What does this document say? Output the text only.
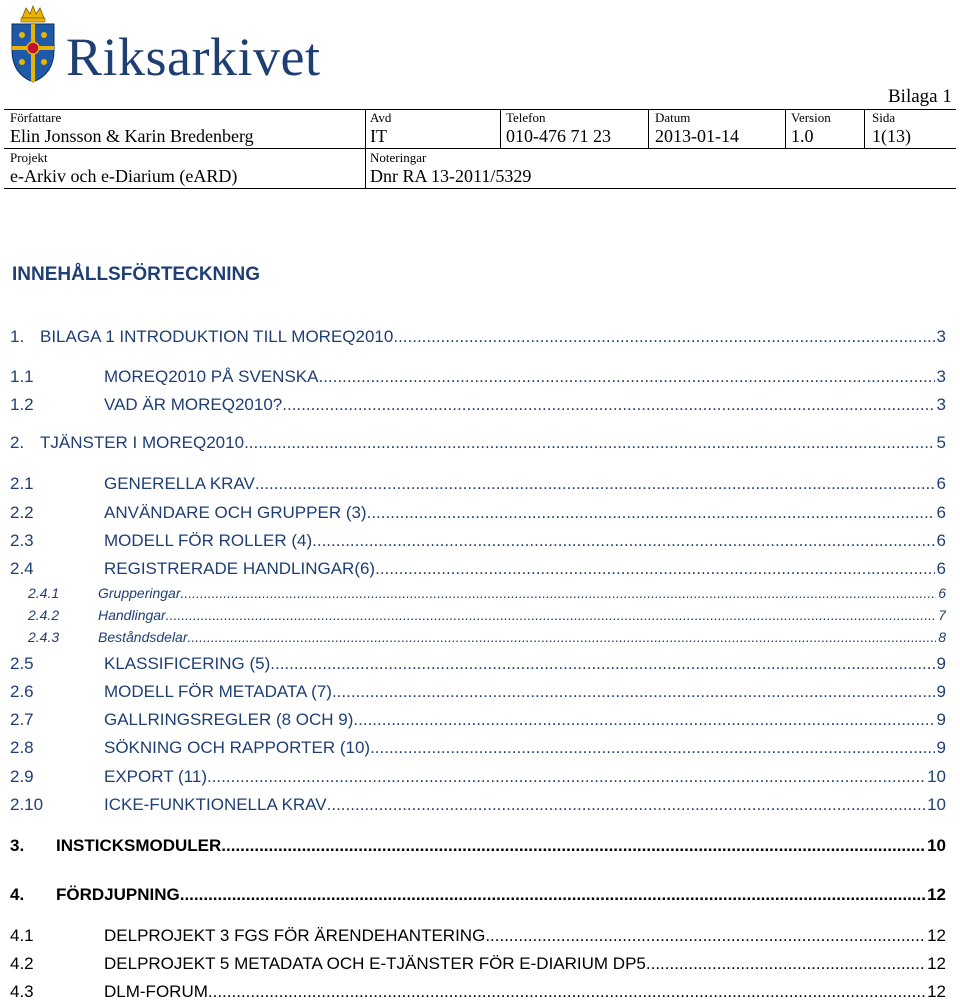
Riksarkivet
Bilaga 1
Författare
Elin Jonsson & Karin Bredenberg
Avd
IT
Telefon
010-476 71 23
Datum
2013-01-14
Version
1.0
Sida
1(13)
Projekt
e-Arkiv och e-Diarium (eARD)
Noteringar
Dnr RA 13-2011/5329
INNEHÅLLSFÖRTECKNING
1. BILAGA 1 INTRODUKTION TILL MOREQ2010 .....	3
1.1	MOREQ2010 PÅ SVENSKA .....	3
1.2	VAD ÄR MOREQ2010? .....	3
2. TJÄNSTER I MOREQ2010 .....	5
2.1	GENERELLA KRAV .....	6
2.2	ANVÄNDARE OCH GRUPPER (3) .....	6
2.3	MODELL FÖR ROLLER (4) .....	6
2.4	REGISTRERADE HANDLINGAR(6) .....	6
2.4.1	Grupperingar .....	6
2.4.2	Handlingar .....	7
2.4.3	Beståndsdelar .....	8
2.5	KLASSIFICERING (5) .....	9
2.6	MODELL FÖR METADATA (7) .....	9
2.7	GALLRINGSREGLER (8 OCH 9) .....	9
2.8	SÖKNING OCH RAPPORTER (10) .....	9
2.9	EXPORT (11) .....	10
2.10	ICKE-FUNKTIONELLA KRAV .....	10
3. INSTICKSMODULER .....	10
4. FÖRDJUPNING .....	12
4.1	DELPROJEKT 3 FGS FÖR ÄRENDEHANTERING .....	12
4.2	DELPROJEKT 5 METADATA OCH E-TJÄNSTER FÖR E-DIARIUM DP5 .....	12
4.3	DLM-FORUM .....	12
